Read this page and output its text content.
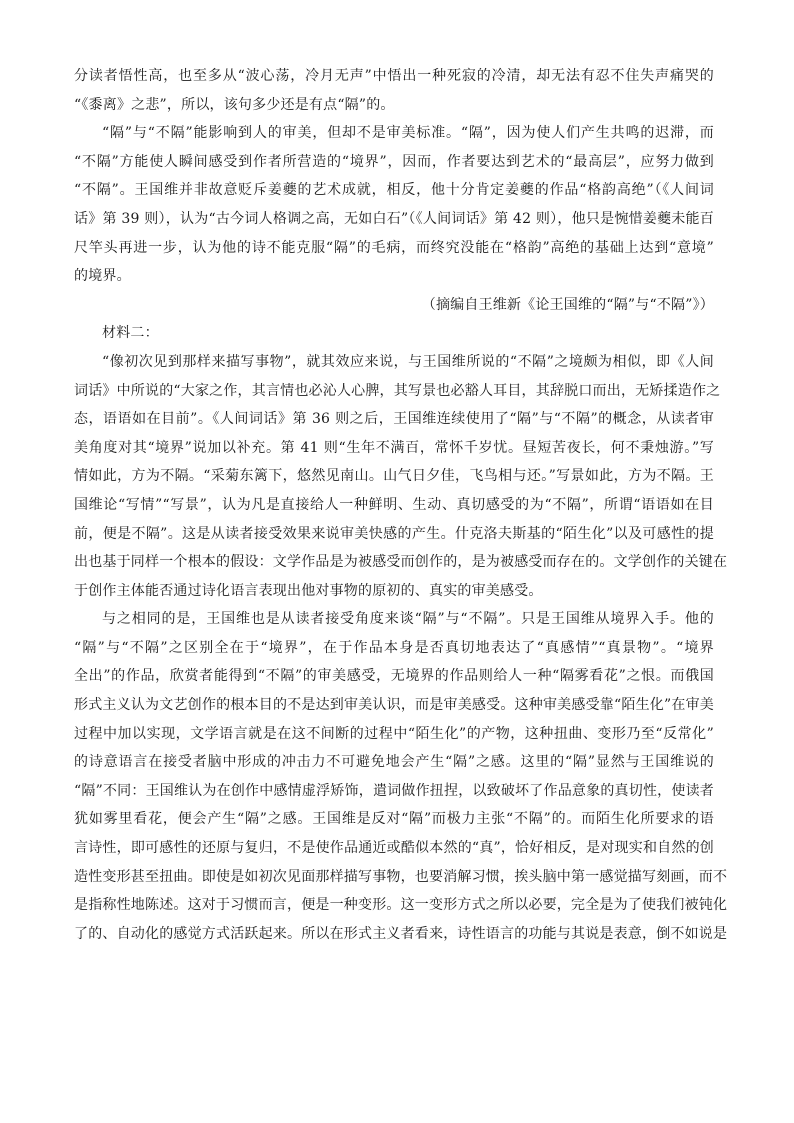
分读者悟性高，也至多从“波心荡，冷月无声”中悟出一种死寂的冷清，却无法有忍不住失声痛哭的
“《黍离》之悲”，所以，该句多少还是有点“隔”的。
“隔”与“不隔”能影响到人的审美，但却不是审美标准。“隔”，因为使人们产生共鸣的迟滞，而
“不隔”方能使人瞬间感受到作者所营造的“境界”，因而，作者要达到艺术的“最高层”，应努力做到
“不隔”。王国维并非故意贬斥姜夔的艺术成就，相反，他十分肯定姜夔的作品“格韵高绝”（《人间词
话》第 39 则），认为“古今词人格调之高，无如白石”（《人间词话》第 42 则），他只是惋惜姜夔未能百
尺竿头再进一步，认为他的诗不能克服“隔”的毛病，而终究没能在“格韵”高绝的基础上达到“意境”
的境界。
（摘编自王维新《论王国维的“隔”与“不隔”》）
材料二：
“像初次见到那样来描写事物”，就其效应来说，与王国维所说的“不隔”之境颇为相似，即《人间
词话》中所说的“大家之作，其言情也必沁人心脾，其写景也必豁人耳目，其辞脱口而出，无矫揉造作之
态，语语如在目前”。《人间词话》第 36 则之后，王国维连续使用了“隔”与“不隔”的概念，从读者审
美角度对其“境界”说加以补充。第 41 则“生年不满百，常怀千岁忧。昼短苦夜长，何不秉烛游。”写
情如此，方为不隔。“采菊东篱下，悠然见南山。山气日夕佳，飞鸟相与还。”写景如此，方为不隔。王
国维论“写情”“写景”，认为凡是直接给人一种鲜明、生动、真切感受的为“不隔”，所谓“语语如在目
前，便是不隔”。这是从读者接受效果来说审美快感的产生。什克洛夫斯基的“陌生化”以及可感性的提
出也基于同样一个根本的假设：文学作品是为被感受而创作的，是为被感受而存在的。文学创作的关键在
于创作主体能否通过诗化语言表现出他对事物的原初的、真实的审美感受。
与之相同的是，王国维也是从读者接受角度来谈“隔”与“不隔”。只是王国维从境界入手。他的
“隔”与“不隔”之区别全在于“境界”，在于作品本身是否真切地表达了“真感情”“真景物”。“境界
全出”的作品，欣赏者能得到“不隔”的审美感受，无境界的作品则给人一种“隔雾看花”之恨。而俄国
形式主义认为文艺创作的根本目的不是达到审美认识，而是审美感受。这种审美感受靠“陌生化”在审美
过程中加以实现，文学语言就是在这不间断的过程中“陌生化”的产物，这种扭曲、变形乃至“反常化”
的诗意语言在接受者脑中形成的冲击力不可避免地会产生“隔”之感。这里的“隔”显然与王国维说的
“隔”不同：王国维认为在创作中感情虚浮矫饰，遣词做作扭捏，以致破坏了作品意象的真切性，使读者
犹如雾里看花，便会产生“隔”之感。王国维是反对“隔”而极力主张“不隔”的。而陌生化所要求的语
言诗性，即可感性的还原与复归，不是使作品通近或酷似本然的“真”，恰好相反，是对现实和自然的创
造性变形甚至扭曲。即使是如初次见面那样描写事物，也要消解习惯，挨头脑中第一感觉描写刻画，而不
是指称性地陈述。这对于习惯而言，便是一种变形。这一变形方式之所以必要，完全是为了使我们被钝化
了的、自动化的感觉方式活跃起来。所以在形式主义者看来，诗性语言的功能与其说是表意，倒不如说是
